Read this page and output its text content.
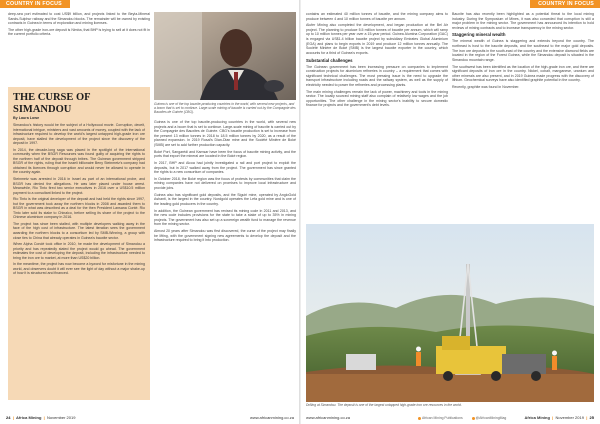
COUNTRY IN FOCUS

deep-sea port estimated to cost US$9 billion, and projects linked to the Beyla-Mineral Sands-Sulphur railway and the Simandou blocks. The remainder will be owned by existing contracts in Guinea in terms of exploration and mining licenses.

The other high-grade iron-ore deposit is Nimba, that BHP is trying to sell at it does not fit in the current portfolio criteria.

THE CURSE OF SIMANDOU
By Laura Lowe

Simandou's history would be the subject of a Hollywood movie. Corruption, deceit, international intrigue, ministers and vast amounts of money, coupled with the lack of infrastructure required to develop the world's largest untapped high-grade iron ore deposit, have stalled the development of the project since the discovery of the deposit in 1997.

In 2014, the decade-long saga was placed in the spotlight of the international community when the BSGR Resources was found guilty of acquiring the rights to the northern half of the deposit through bribes. The Guinean government stripped BSGR of the rights, ruling that the Israeli billionaire Beny Steinmetz's company had obtained its licences through corruption and would never be allowed to operate in the country again.

Steinmetz was arrested in 2016 in Israel as part of an international probe, and BSGR has denied the allegations. He was later placed under house arrest. Meanwhile, Rio Tinto fired two senior executives in 2016 over a US$10.5 million payment to a consultant linked to the project.

Rio Tinto is the original developer of the deposit and had held the rights since 1997, but the government took away the northern blocks in 2008 and awarded them to BSGR in what was described as a deal for the then President Lansana Conté. Rio Tinto later sold its stake to Chinalco, before selling its share of the project to the Chinese aluminium company in 2016.

The project has since been stalled, with multiple developers walking away in the face of the high cost of infrastructure. The latest iteration sees the government awarding the northern blocks to a consortium led by SMB-Winning, a group with close ties to China that already operates in Guinea's bauxite sector.

When Alpha Condé took office in 2010, he made the development of Simandou a priority and has repeatedly stated the project would go ahead. The government estimates the cost of developing the deposit, including the infrastructure needed to bring the iron ore to market, at more than US$20 billion.

In the meantime, the project has now become a byword for misfortune in the mining world, and observers doubt it will ever see the light of day without a major shake-up of how it is structured and financed.

Guinea is one of the top bauxite-producing countries in the world, with several new projects, and a boom that is set to continue. Large-scale mining of bauxite is carried out by the Compagnie des Bauxites de Guinée (CBG).

Guinea is one of the top bauxite-producing countries in the world, with several new projects and a boom that is set to continue. Large-scale mining of bauxite is carried out by the Compagnie des Bauxites de Guinée. CBG's bauxite production is set to increase from the present 13 million tonnes in 2018 to 18.5 million tonnes by 2020, as a result of the planned expansion. In 2019 Rusal's Dian-Dian mine and the Société Minière de Boké (SMB) are set to add further production capacity.

Boké Port, Sangarédi and Kamsar have been the focus of bauxite mining activity, and the ports that export the mineral are located in the Boké region.

In 2017, BHP and Alcoa had jointly investigated a rail and port project to exploit the deposits, but in 2017 walked away from the project. The government has since granted the rights to a new consortium of companies.

In October 2018, the Boké region was the focus of protests by communities that claim the mining companies have not delivered on promises to improve local infrastructure and provide jobs.

Guinea also has significant gold deposits, and the Siguiri mine, operated by AngloGold Ashanti, is the largest in the country. Nordgold operates the Lefa gold mine and is one of the leading gold producers in the country.

In addition, the Guinean government has revised its mining code in 2011 and 2013, and the new code includes provisions for the state to take a stake of up to 35% in mining projects. The government has also set up a sovereign wealth fund to manage the revenue from the mining sector.

Almost 20 years after Simandou was first discovered, the curse of the project may finally be lifting, with the government signing new agreements to develop the deposit and the infrastructure required to bring it into production.

24  |  Africa Mining  |  November 2019	www.africanmining.co.za
COUNTRY IN FOCUS

contains an estimated 40 million tonnes of bauxite, and the mining company aims to produce between 4 and 10 million tonnes of bauxite per annum.

Alufer Mining also completed the development, and began production at the Bel Air project. The planning to produce 5.5 million tonnes of bauxite per annum, which will ramp up to 10 million tonnes per year over a 15-year period. Guinea Alumina Corporation (GAC) is engaged via US$1.4 billion bauxite project by subsidiary Emirates Global Aluminium (EGA) and plans to begin exports in 2019 and produce 12 million tonnes annually. The Société Minière de Boké (SMB) is the largest bauxite exporter in the country, which accounts for a third of Guinea's exports.

Substantial challenges

The Guinean government has been increasing pressure on companies to implement construction projects for aluminium refineries in country – a requirement that comes with significant technical challenges. The most pressing issue is the need to upgrade the transport infrastructure including roads and the railway system, as well as the supply of electricity needed to power the refineries and processing plants.

The main mining challenges remain the lack of power, machinery and tools in the mining sector. The locally sourced mining staff also complain of relatively low wages and the job opportunities. The other challenge in the mining sector's inability to secure domestic finance for projects and the government's debt levels.

Bauxite has also recently been highlighted as a potential threat to the local mining industry. During the Symposium of Mines, it was also conceded that corruption is still a major problem in the mining sector. The government has announced its intention to hold reviews of mining contracts and to increase transparency in the mining sector.

Staggering mineral wealth

The mineral wealth of Guinea is staggering and extends beyond the country. The northeast is host to the bauxite deposits, and the southeast to the major gold deposits. The iron ore deposits in the south-east of the country and the extensive diamond fields are located in the region of the Forest Guinea, while the Simandou deposit is situated in the Simandou mountain range.

The southwest has been identified as the location of the high-grade iron ore, and there are significant deposits of iron ore in the country. Nickel, cobalt, manganese, uranium and other minerals are also present, and in 2019 Guinea made progress with the discovery of lithium. Geochemical surveys have also identified graphite potential in the country.

Recently, graphite was found in November.

Drilling at Simandou. The deposit is one of the largest untapped high-grade iron ore resources in the world.
www.africanmining.co.za	African Mining Publications	@AfricanMiningMag	Africa Mining  |  November 2019  |  25
